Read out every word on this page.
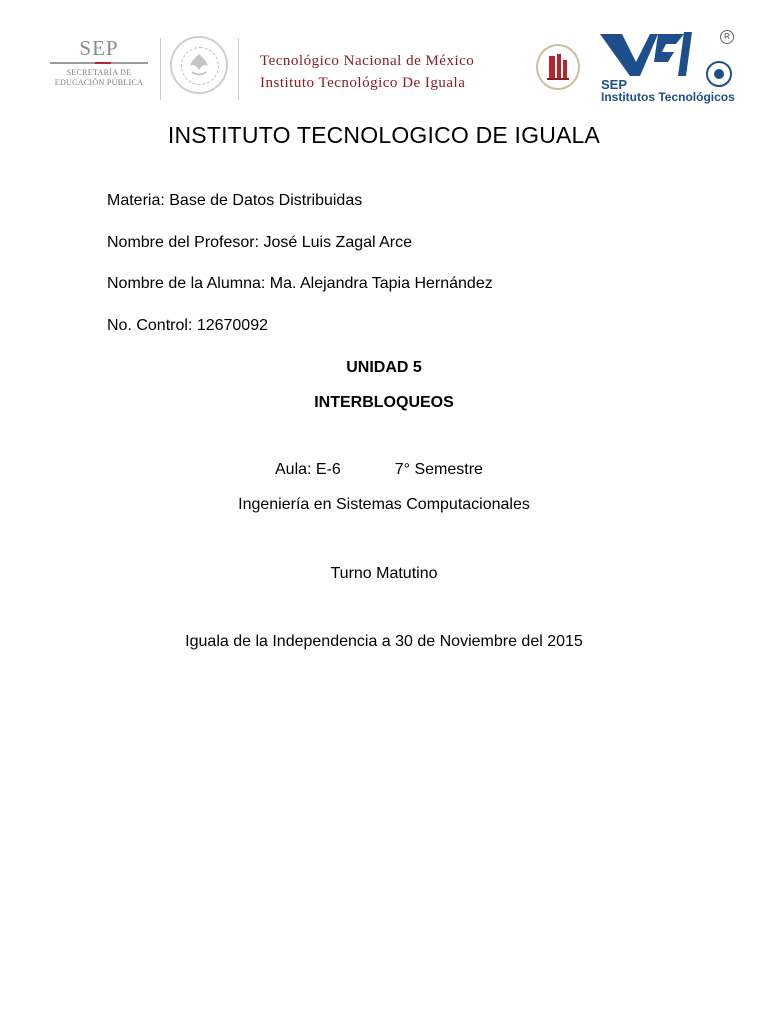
SEP
SECRETARÍA DE
EDUCACIÓN PÚBLICA
Tecnológico Nacional de México
Instituto Tecnológico De Iguala
R
SEP
Institutos Tecnológicos
INSTITUTO TECNOLOGICO DE IGUALA
Materia: Base de Datos Distribuidas
Nombre del Profesor: José Luis Zagal Arce
Nombre de la Alumna: Ma. Alejandra Tapia Hernández
No. Control: 12670092
UNIDAD 5
INTERBLOQUEOS
Aula: E-6	7° Semestre
Ingeniería en Sistemas Computacionales
Turno Matutino
Iguala de la Independencia a 30 de Noviembre del 2015
